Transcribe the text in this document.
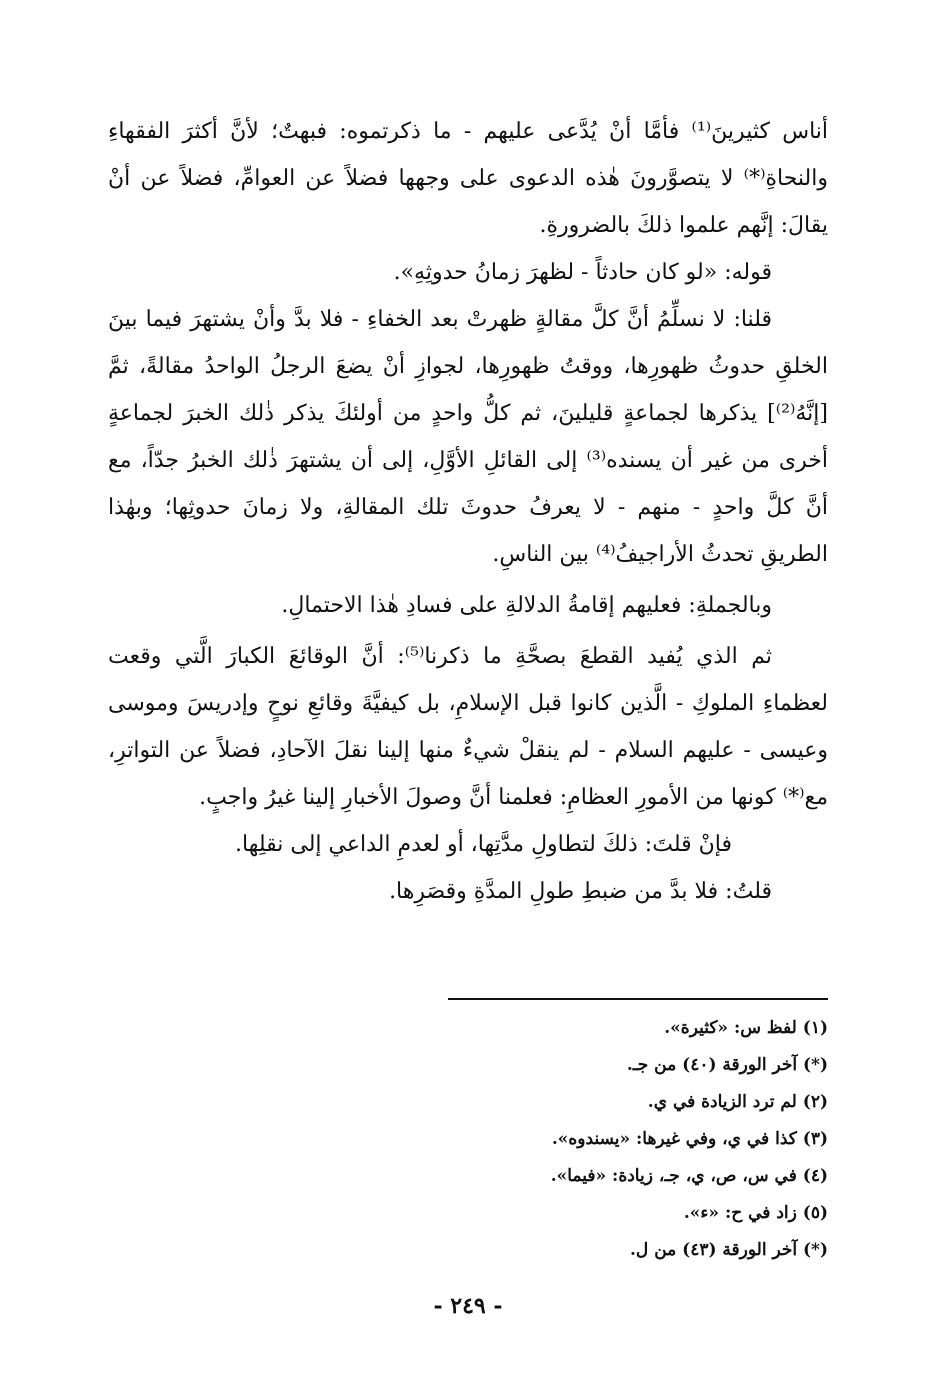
أناس كثيرينَ⁽¹⁾ فأمَّا أنْ يُدَّعى عليهم - ما ذكرتموه: فبهتٌ؛ لأنَّ أكثرَ الفقهاءِ والنحاةِ⁽*⁾ لا يتصوَّرونَ هٰذه الدعوى على وجهها فضلاً عن العوامِّ، فضلاً عن أنْ يقالَ: إنَّهم علموا ذلكَ بالضرورةِ.

قوله: «لو كان حادثاً - لظهرَ زمانُ حدوثِهِ».

قلنا: لا نسلِّمُ أنَّ كلَّ مقالةٍ ظهرتْ بعد الخفاءِ - فلا بدَّ وأنْ يشتهرَ فيما بينَ الخلقِ حدوثُ ظهورِها، ووقتُ ظهورِها، لجوازِ أنْ يضعَ الرجلُ الواحدُ مقالةً، ثمَّ [إنَّهُ⁽²⁾] يذكرها لجماعةٍ قليلينَ، ثم كلُّ واحدٍ من أولئكَ يذكر ذٰلك الخبرَ لجماعةٍ أخرى من غير أن يسنده⁽³⁾ إلى القائلِ الأوَّلِ، إلى أن يشتهرَ ذٰلك الخبرُ جدّاً، مع أنَّ كلَّ واحدٍ - منهم - لا يعرفُ حدوثَ تلك المقالةِ، ولا زمانَ حدوثِها؛ وبهٰذا الطريقِ تحدثُ الأراجيفُ⁽⁴⁾ بين الناسِ.

وبالجملةِ: فعليهم إقامةُ الدلالةِ على فسادِ هٰذا الاحتمالِ.

ثم الذي يُفيد القطعَ بصحَّةِ ما ذكرنا⁽⁵⁾: أنَّ الوقائعَ الكبارَ الَّتي وقعت لعظماءِ الملوكِ - الَّذين كانوا قبل الإسلامِ، بل كيفيَّةَ وقائعِ نوحٍ وإدريسَ وموسى وعيسى - عليهم السلام - لم ينقلْ شيءٌ منها إلينا نقلَ الآحادِ، فضلاً عن التواترِ، مع⁽*⁾ كونها من الأمورِ العظامِ: فعلمنا أنَّ وصولَ الأخبارِ إلينا غيرُ واجبٍ.

فإنْ قلتَ: ذلكَ لتطاولِ مدَّتِها، أو لعدمِ الداعي إلى نقلِها.

قلتُ: فلا بدَّ من ضبطِ طولِ المدَّةِ وقصَرِها.

(١) لفظ س: «كثيرة».
(*) آخر الورقة (٤٠) من جـ.
(٢) لم ترد الزيادة في ي.
(٣) كذا في ي، وفي غيرها: «يسندوه».
(٤) في س، ص، ي، جـ، زيادة: «فيما».
(٥) زاد في ح: «ء».
(*) آخر الورقة (٤٣) من ل.
- ٢٤٩ -
